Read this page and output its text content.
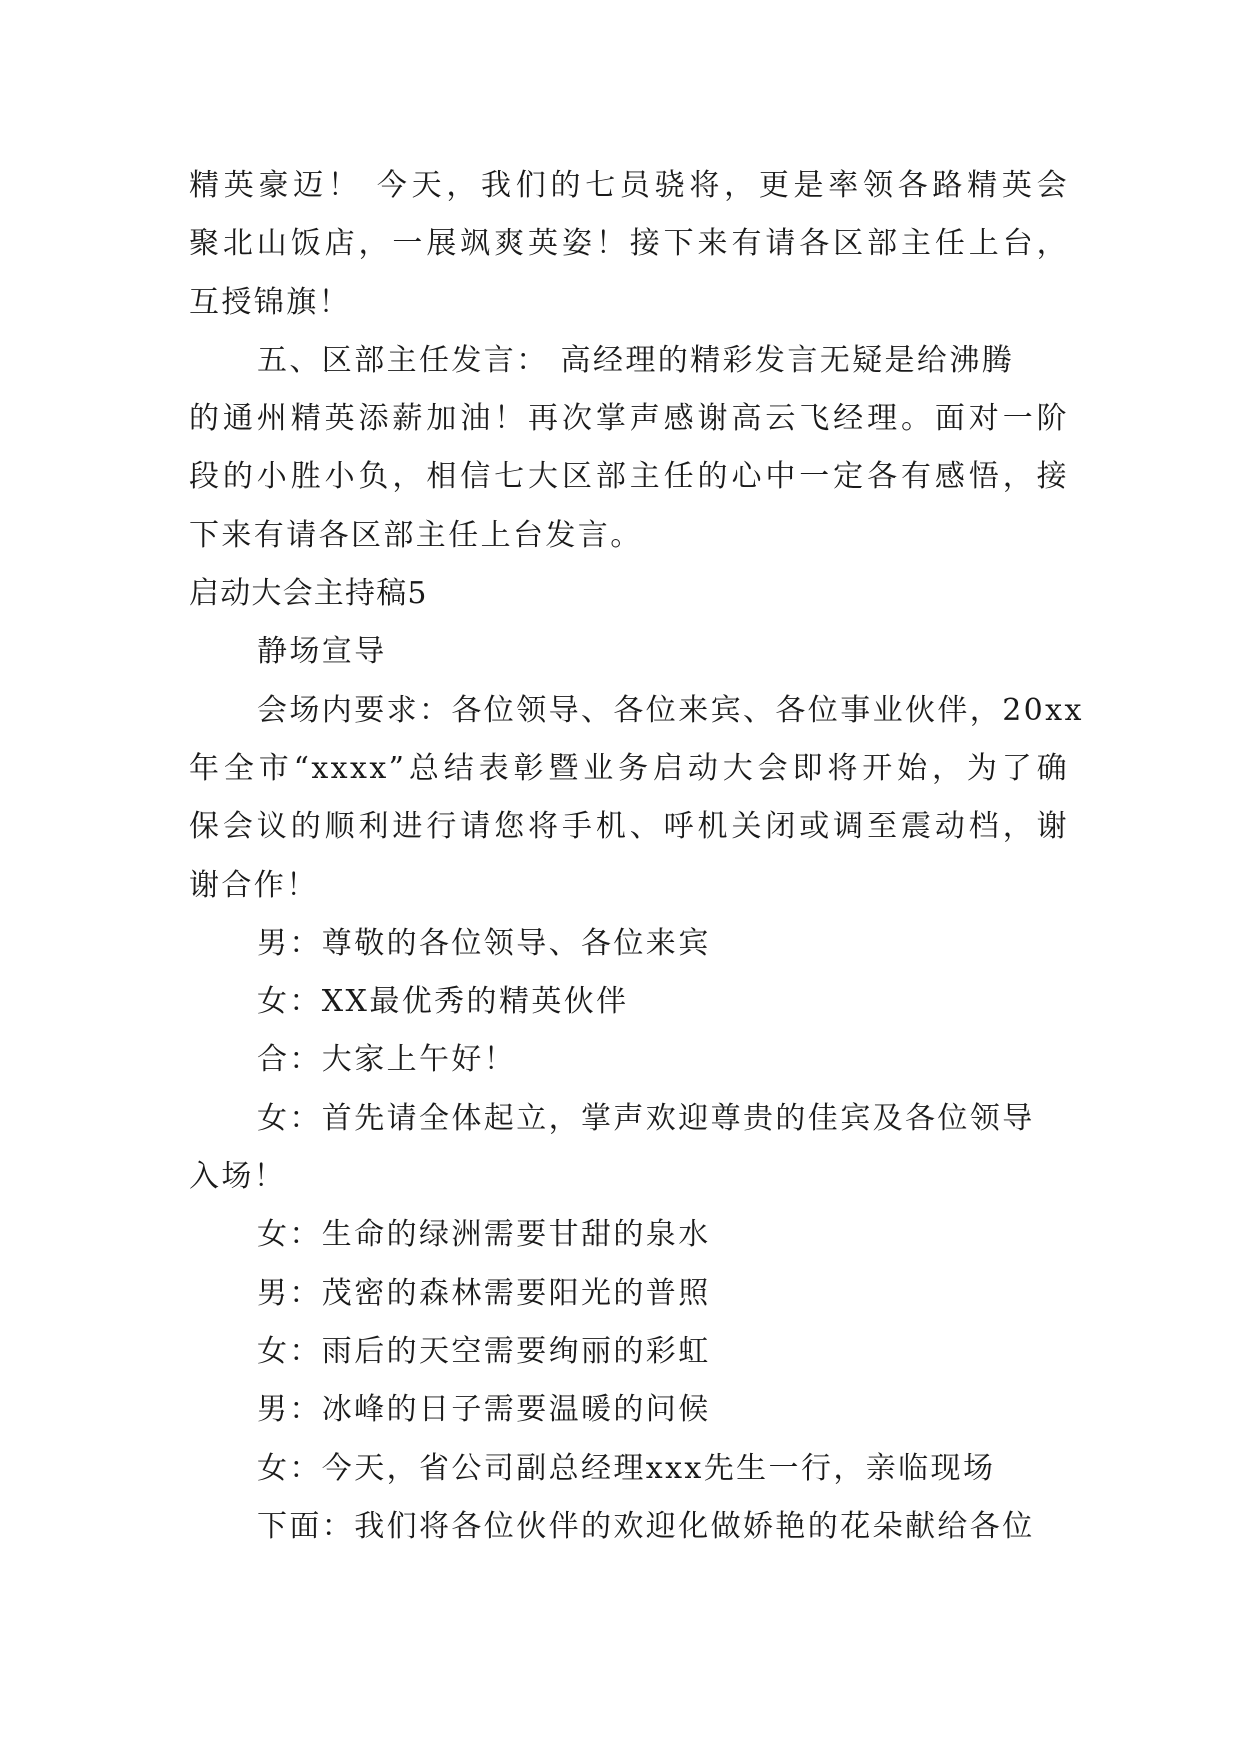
精英豪迈！ 今天，我们的七员骁将，更是率领各路精英会
聚北山饭店，一展飒爽英姿！接下来有请各区部主任上台，
互授锦旗！
五、区部主任发言： 高经理的精彩发言无疑是给沸腾
的通州精英添薪加油！再次掌声感谢高云飞经理。面对一阶
段的小胜小负，相信七大区部主任的心中一定各有感悟，接
下来有请各区部主任上台发言。
启动大会主持稿5
静场宣导
会场内要求：各位领导、各位来宾、各位事业伙伴，20xx
年全市“xxxx”总结表彰暨业务启动大会即将开始，为了确
保会议的顺利进行请您将手机、呼机关闭或调至震动档，谢
谢合作！
男：尊敬的各位领导、各位来宾
女：XX最优秀的精英伙伴
合：大家上午好！
女：首先请全体起立，掌声欢迎尊贵的佳宾及各位领导
入场！
女：生命的绿洲需要甘甜的泉水
男：茂密的森林需要阳光的普照
女：雨后的天空需要绚丽的彩虹
男：冰峰的日子需要温暖的问候
女：今天，省公司副总经理xxx先生一行，亲临现场
下面：我们将各位伙伴的欢迎化做娇艳的花朵献给各位
